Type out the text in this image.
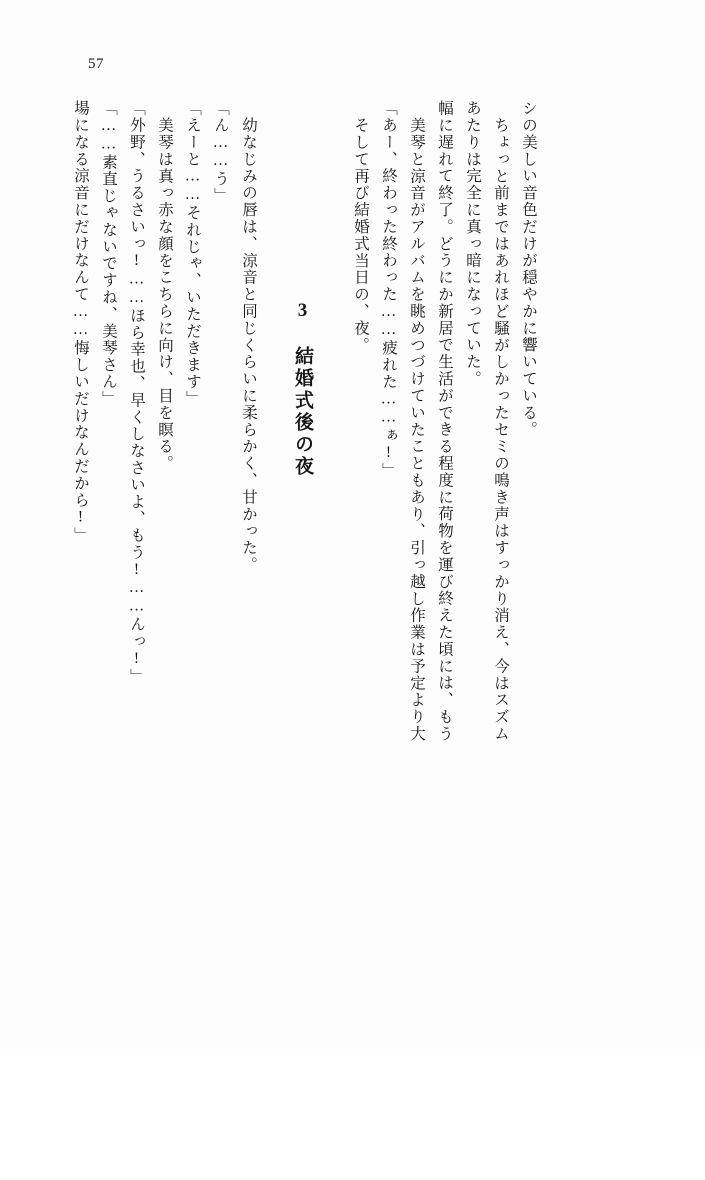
57
場になる涼音にだけなんて……悔しいだけなんだから!」 「……素直じゃないですね、美琴さん」 「外野、うるさいっ!……ほら幸也、早くしなさいよ、もう!……んっ!」 美琴は真っ赤な顔をこちらに向け、目を瞑る。 「えーと……それじゃ、いただきます」 「ん……う」 幼なじみの唇は、涼音と同じくらいに柔らかく、甘かった。	3　結婚式後の夜
そして再び結婚式当日の、夜。 「あー、終わった終わった……疲れた……ぁ!」 美琴と涼音がアルバムを眺めつづけていたこともあり、引っ越し作業は予定より大 幅に遅れて終了。どうにか新居で生活ができる程度に荷物を運び終えた頃には、もう あたりは完全に真っ暗になっていた。 ちょっと前まではあれほど騒がしかったセミの鳴き声はすっかり消え、今はスズム シの美しい音色だけが穏やかに響いている。
